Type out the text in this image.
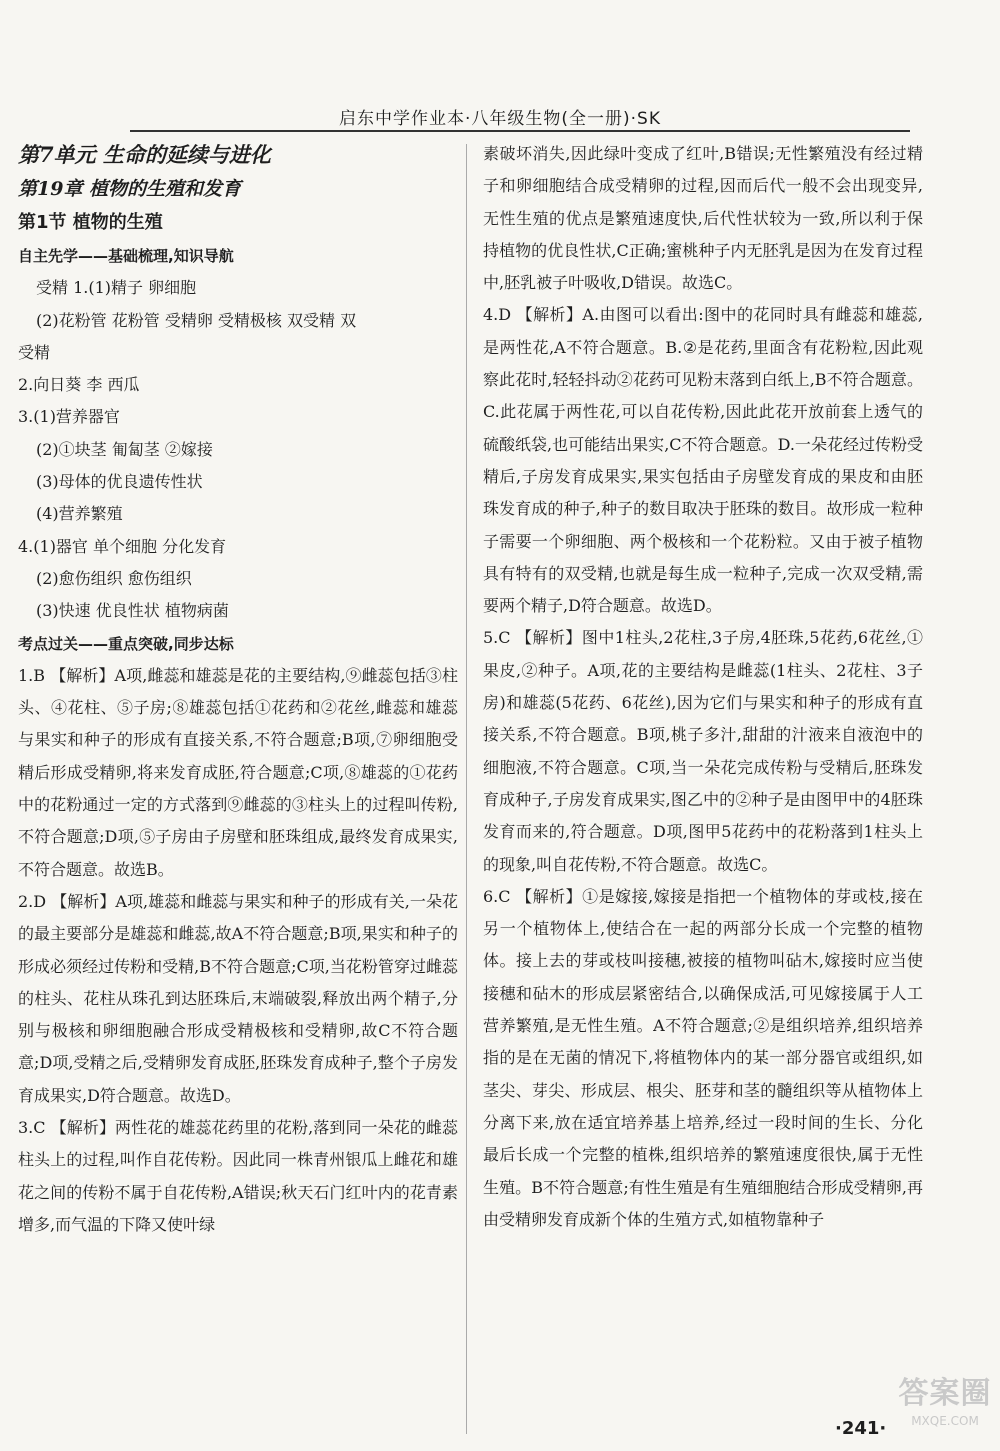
启东中学作业本·八年级生物(全一册)·SK

第7单元 生命的延续与进化

第19章 植物的生殖和发育

第1节 植物的生殖

自主先学——基础梳理,知识导航

受精 1.(1)精子 卵细胞

(2)花粉管 花粉管 受精卵 受精极核 双受精 双

受精

2.向日葵 李 西瓜

3.(1)营养器官

(2)①块茎 匍匐茎 ②嫁接

(3)母体的优良遗传性状

(4)营养繁殖

4.(1)器官 单个细胞 分化发育

(2)愈伤组织 愈伤组织

(3)快速 优良性状 植物病菌

考点过关——重点突破,同步达标

1.B 【解析】A项,雌蕊和雄蕊是花的主要结构,⑨雌蕊包括③柱头、④花柱、⑤子房;⑧雄蕊包括①花药和②花丝,雌蕊和雄蕊与果实和种子的形成有直接关系,不符合题意;B项,⑦卵细胞受精后形成受精卵,将来发育成胚,符合题意;C项,⑧雄蕊的①花药中的花粉通过一定的方式落到⑨雌蕊的③柱头上的过程叫传粉,不符合题意;D项,⑤子房由子房壁和胚珠组成,最终发育成果实,不符合题意。故选B。

2.D 【解析】A项,雄蕊和雌蕊与果实和种子的形成有关,一朵花的最主要部分是雄蕊和雌蕊,故A不符合题意;B项,果实和种子的形成必须经过传粉和受精,B不符合题意;C项,当花粉管穿过雌蕊的柱头、花柱从珠孔到达胚珠后,末端破裂,释放出两个精子,分别与极核和卵细胞融合形成受精极核和受精卵,故C不符合题意;D项,受精之后,受精卵发育成胚,胚珠发育成种子,整个子房发育成果实,D符合题意。故选D。

3.C 【解析】两性花的雄蕊花药里的花粉,落到同一朵花的雌蕊柱头上的过程,叫作自花传粉。因此同一株青州银瓜上雌花和雄花之间的传粉不属于自花传粉,A错误;秋天石门红叶内的花青素增多,而气温的下降又使叶绿

素破坏消失,因此绿叶变成了红叶,B错误;无性繁殖没有经过精子和卵细胞结合成受精卵的过程,因而后代一般不会出现变异,无性生殖的优点是繁殖速度快,后代性状较为一致,所以利于保持植物的优良性状,C正确;蜜桃种子内无胚乳是因为在发育过程中,胚乳被子叶吸收,D错误。故选C。

4.D 【解析】A.由图可以看出:图中的花同时具有雌蕊和雄蕊,是两性花,A不符合题意。B.②是花药,里面含有花粉粒,因此观察此花时,轻轻抖动②花药可见粉末落到白纸上,B不符合题意。C.此花属于两性花,可以自花传粉,因此此花开放前套上透气的硫酸纸袋,也可能结出果实,C不符合题意。D.一朵花经过传粉受精后,子房发育成果实,果实包括由子房壁发育成的果皮和由胚珠发育成的种子,种子的数目取决于胚珠的数目。故形成一粒种子需要一个卵细胞、两个极核和一个花粉粒。又由于被子植物具有特有的双受精,也就是每生成一粒种子,完成一次双受精,需要两个精子,D符合题意。故选D。

5.C 【解析】图中1柱头,2花柱,3子房,4胚珠,5花药,6花丝,①果皮,②种子。A项,花的主要结构是雌蕊(1柱头、2花柱、3子房)和雄蕊(5花药、6花丝),因为它们与果实和种子的形成有直接关系,不符合题意。B项,桃子多汁,甜甜的汁液来自液泡中的细胞液,不符合题意。C项,当一朵花完成传粉与受精后,胚珠发育成种子,子房发育成果实,图乙中的②种子是由图甲中的4胚珠发育而来的,符合题意。D项,图甲5花药中的花粉落到1柱头上的现象,叫自花传粉,不符合题意。故选C。

6.C 【解析】①是嫁接,嫁接是指把一个植物体的芽或枝,接在另一个植物体上,使结合在一起的两部分长成一个完整的植物体。接上去的芽或枝叫接穗,被接的植物叫砧木,嫁接时应当使接穗和砧木的形成层紧密结合,以确保成活,可见嫁接属于人工营养繁殖,是无性生殖。A不符合题意;②是组织培养,组织培养指的是在无菌的情况下,将植物体内的某一部分器官或组织,如茎尖、芽尖、形成层、根尖、胚芽和茎的髓组织等从植物体上分离下来,放在适宜培养基上培养,经过一段时间的生长、分化最后长成一个完整的植株,组织培养的繁殖速度很快,属于无性生殖。B不符合题意;有性生殖是有生殖细胞结合形成受精卵,再由受精卵发育成新个体的生殖方式,如植物靠种子

·241·
答案圈
MXQE.COM
